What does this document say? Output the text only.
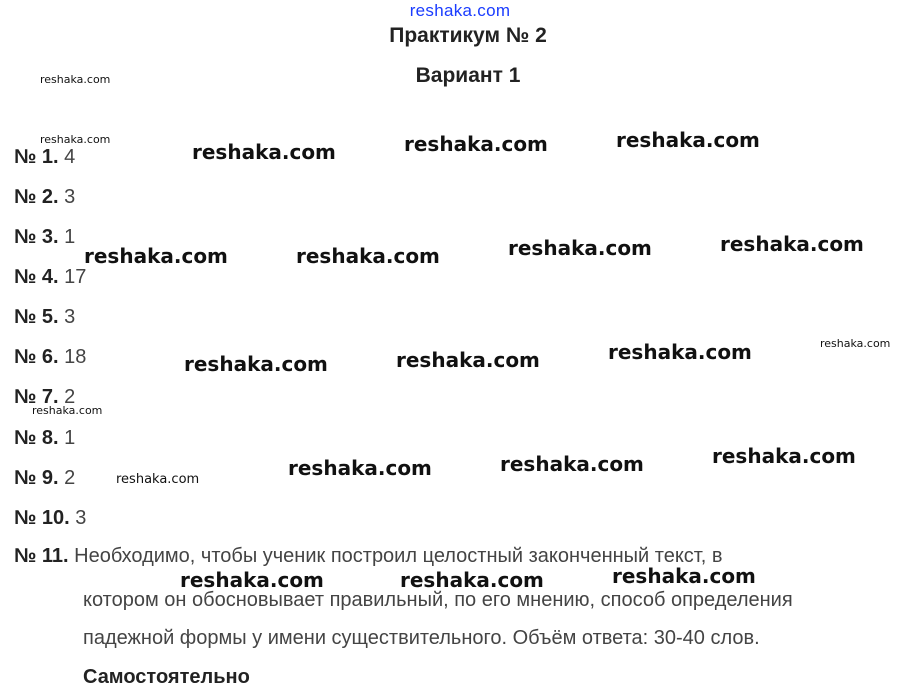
reshaka.com
Практикум № 2
Вариант 1
№ 1. 4
№ 2. 3
№ 3. 1
№ 4. 17
№ 5. 3
№ 6. 18
№ 7. 2
№ 8. 1
№ 9. 2
№ 10. 3
№ 11. Необходимо, чтобы ученик построил целостный законченный текст, в
котором он обосновывает правильный, по его мнению, способ определения
падежной формы у имени существительного. Объём ответа: 30-40 слов.
Самостоятельно
reshaka.com
reshaka.com
reshaka.com	reshaka.com	reshaka.com
reshaka.com	reshaka.com	reshaka.com	reshaka.com
reshaka.com	reshaka.com	reshaka.com	reshaka.com
reshaka.com
reshaka.com	reshaka.com	reshaka.com	reshaka.com
reshaka.com	reshaka.com	reshaka.com
